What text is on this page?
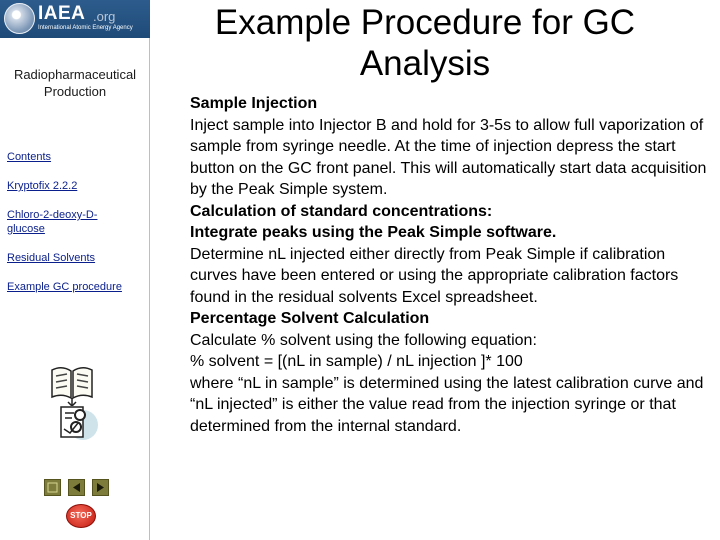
IAEA .org
International Atomic Energy Agency
Radiopharmaceutical
Production
Contents
Kryptofix 2.2.2
Chloro-2-deoxy-D-glucose
Residual Solvents
Example GC procedure
STOP
Example Procedure for GC
Analysis

Sample Injection

Inject sample into Injector B and hold for 3-5s to allow full vaporization of sample from syringe needle. At the time of injection depress the start button on the GC front panel. This will automatically start data acquisition by the Peak Simple system.

Calculation of standard concentrations:

Integrate peaks using the Peak Simple software.

Determine nL injected either directly from Peak Simple if calibration curves have been entered or using the appropriate calibration factors found in the residual solvents Excel spreadsheet.

Percentage Solvent Calculation

Calculate % solvent using the following equation:

% solvent = [(nL in sample) / nL injection ]* 100

where “nL in sample” is determined using the latest calibration curve and “nL injected” is either the value read from the injection syringe or that determined from the internal standard.
